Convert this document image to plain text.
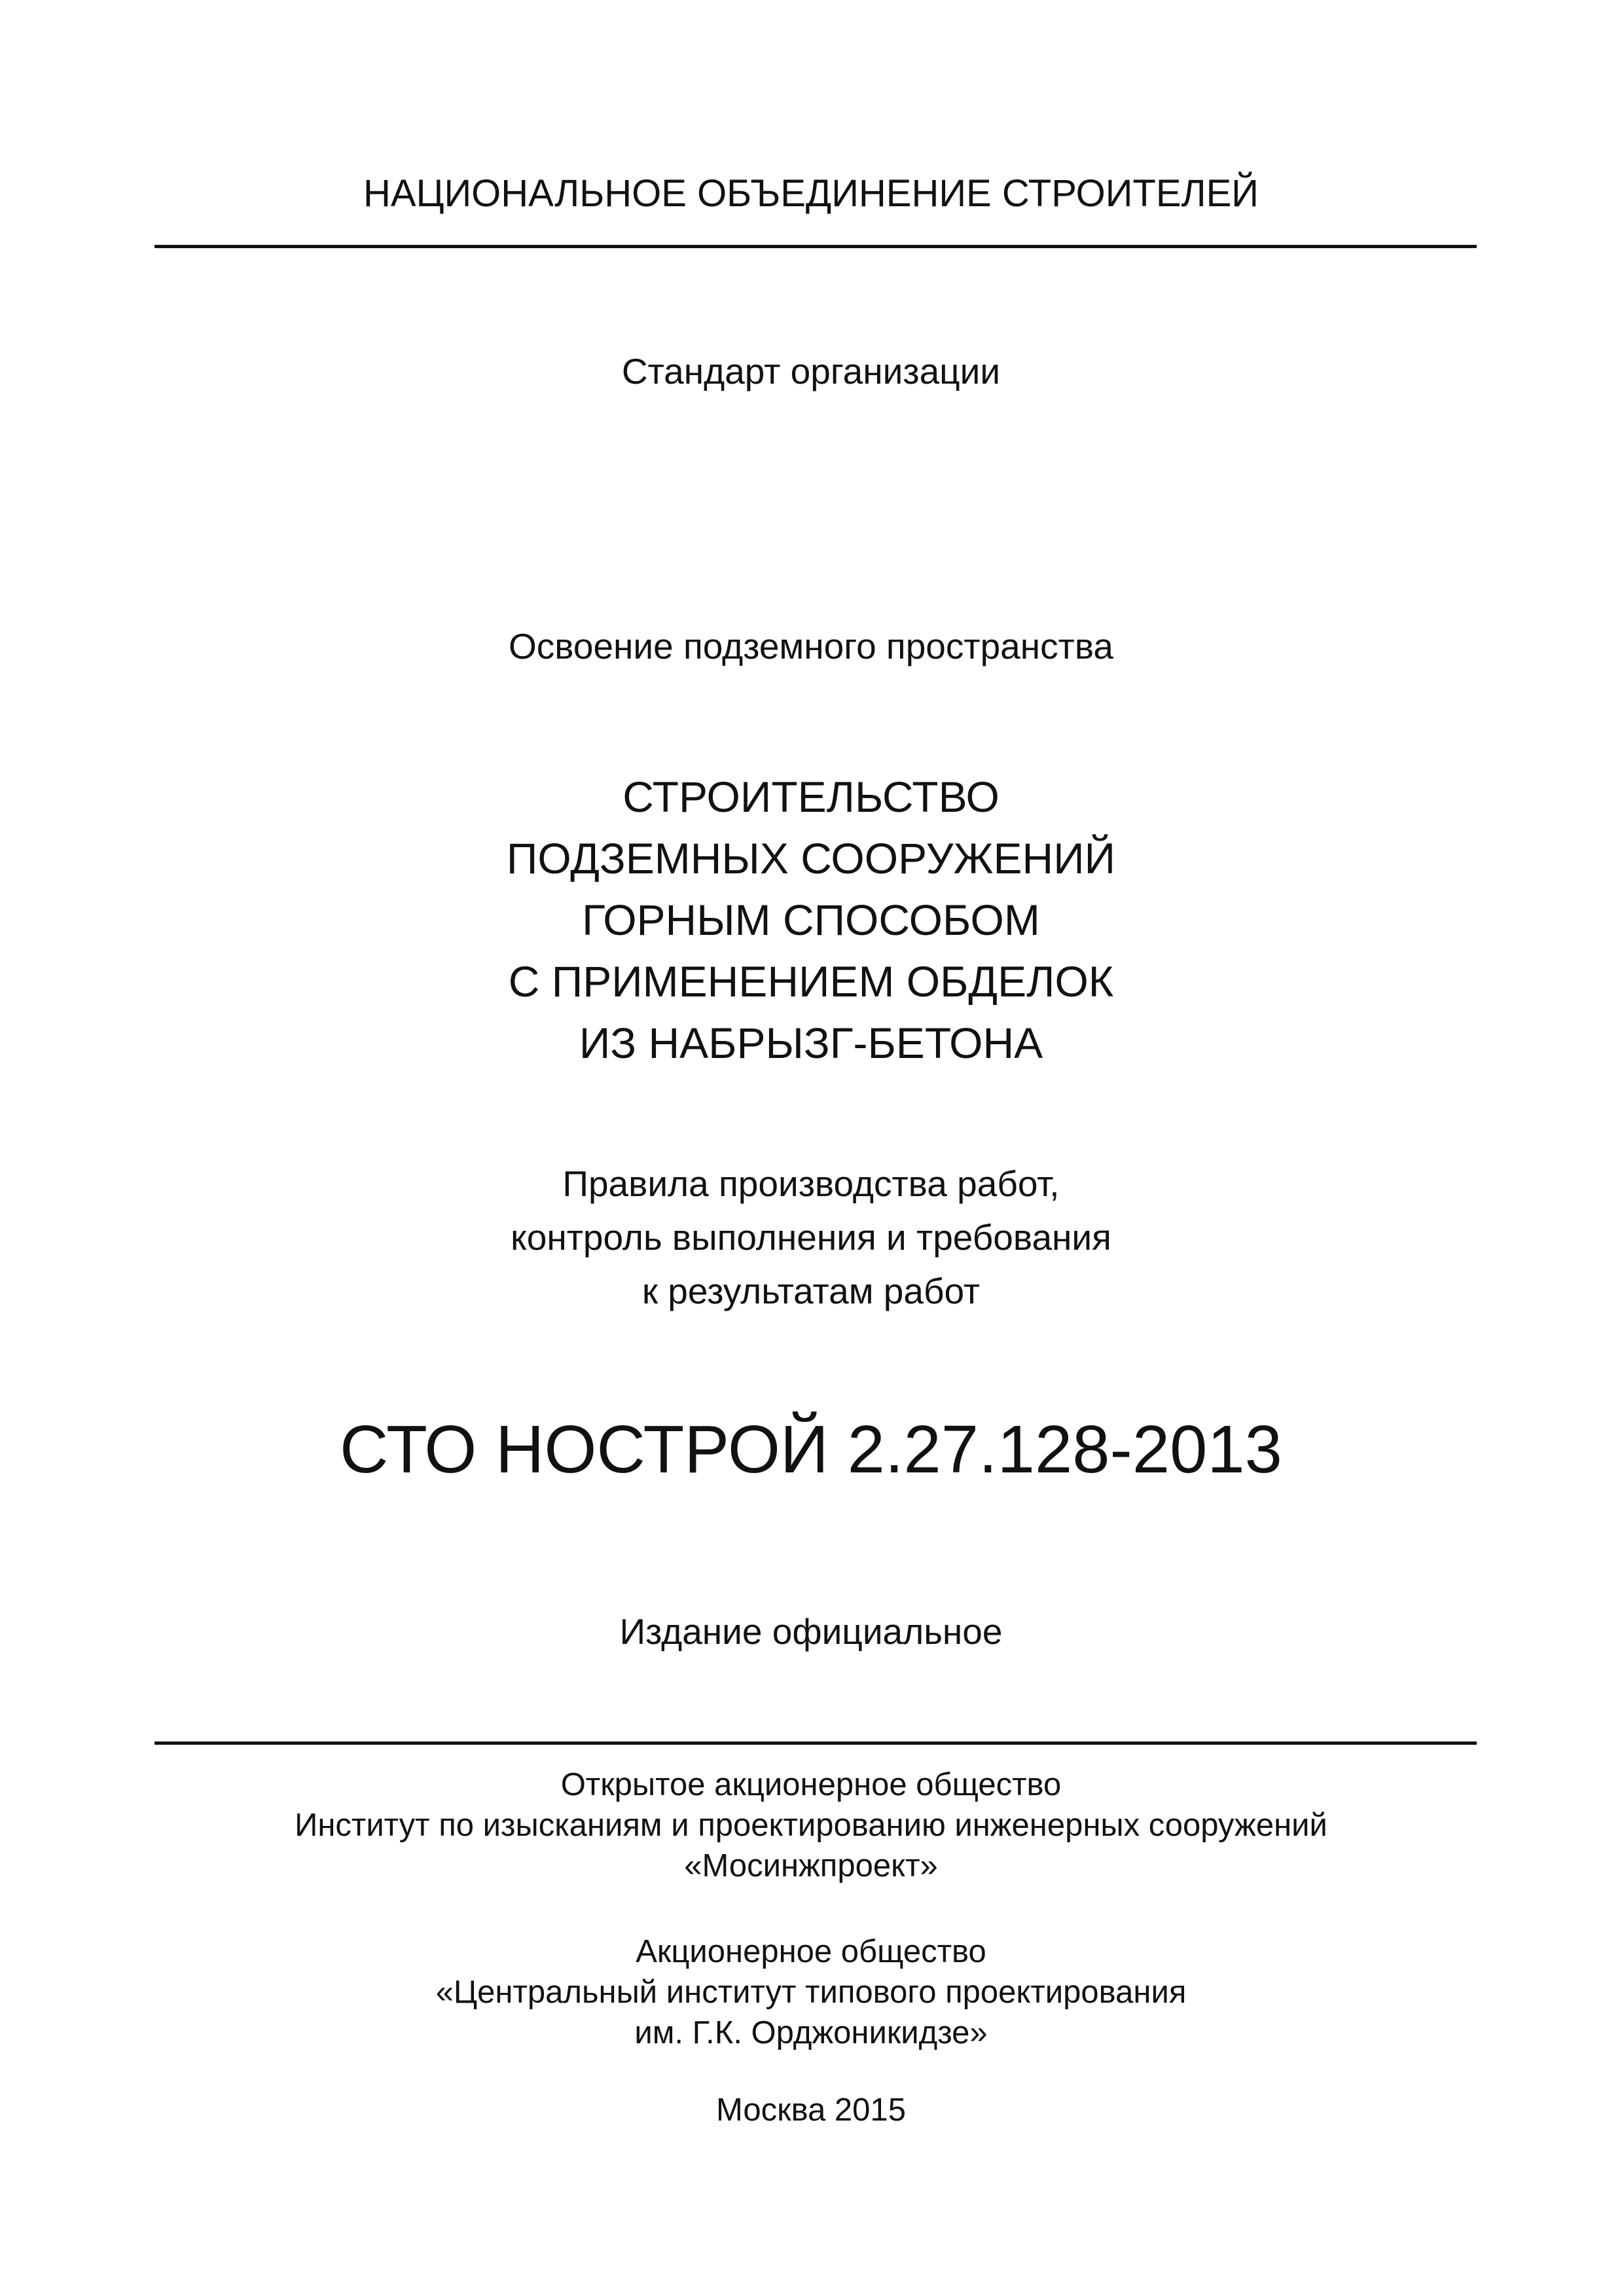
НАЦИОНАЛЬНОЕ ОБЪЕДИНЕНИЕ СТРОИТЕЛЕЙ
Стандарт организации
Освоение подземного пространства
СТРОИТЕЛЬСТВО
ПОДЗЕМНЫХ СООРУЖЕНИЙ
ГОРНЫМ СПОСОБОМ
С ПРИМЕНЕНИЕМ ОБДЕЛОК
ИЗ НАБРЫЗГ-БЕТОНА
Правила производства работ,
контроль выполнения и требования
к результатам работ
СТО НОСТРОЙ 2.27.128-2013
Издание официальное
Открытое акционерное общество
Институт по изысканиям и проектированию инженерных сооружений
«Мосинжпроект»
Акционерное общество
«Центральный институт типового проектирования
им. Г.К. Орджоникидзе»
Москва 2015
